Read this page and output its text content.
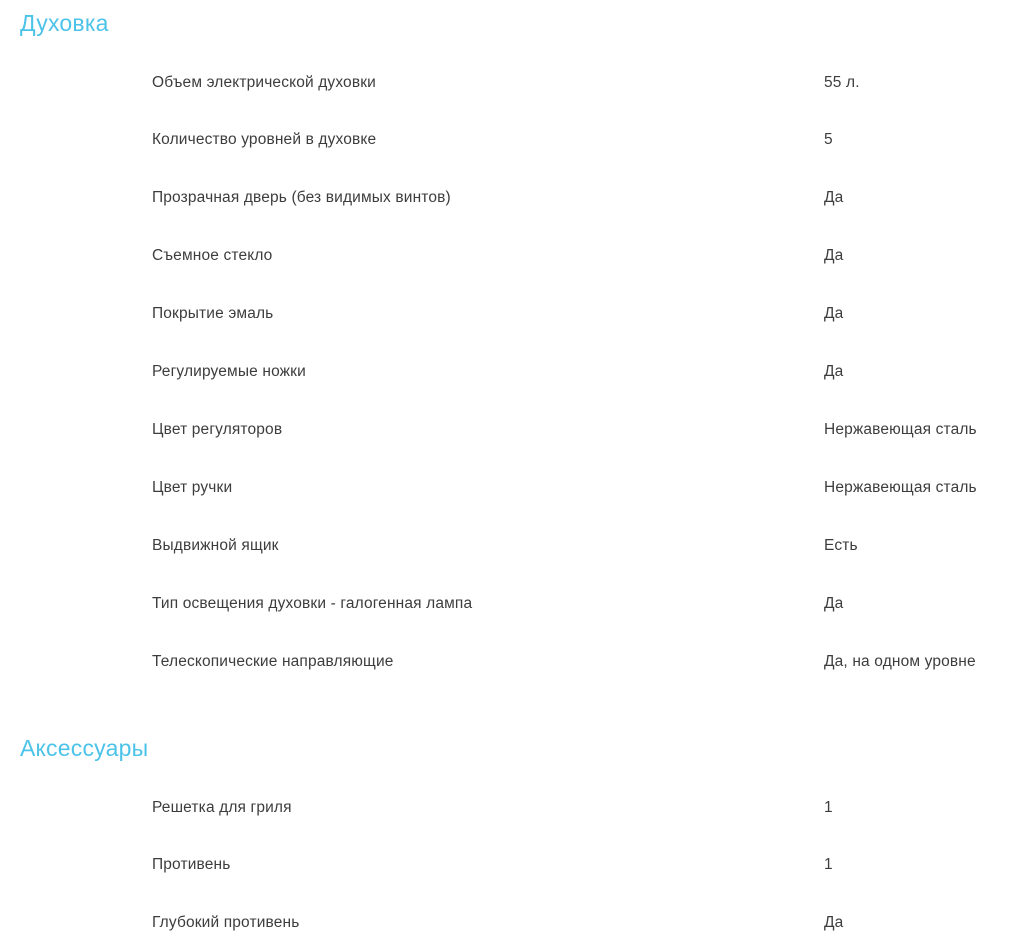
Духовка
Объем электрической духовки	55 л.
Количество уровней в духовке	5
Прозрачная дверь (без видимых винтов)	Да
Съемное стекло	Да
Покрытие эмаль	Да
Регулируемые ножки	Да
Цвет регуляторов	Нержавеющая сталь
Цвет ручки	Нержавеющая сталь
Выдвижной ящик	Есть
Тип освещения духовки - галогенная лампа	Да
Телескопические направляющие	Да, на одном уровне
Аксессуары
Решетка для гриля	1
Противень	1
Глубокий противень	Да
